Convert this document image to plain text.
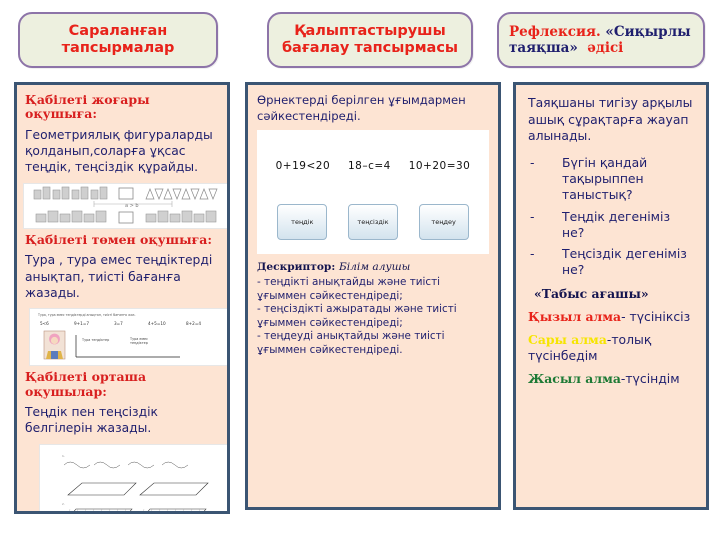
Сараланған тапсырмалар
Қалыптастырушы бағалау тапсырмасы
Рефлексия. «Сиқырлы
таяқша» әдісі
Қабілеті жоғары оқушыға:
Геометриялық фигураларды қолданып,соларға ұқсас теңдік, теңсіздік құрайды.
a > b
Қабілеті төмен оқушыға:
Тура , тура емес теңдіктерді анықтап, тиісті бағанға жазады.
Тура, тура емес теңдіктерді анықтап, тиісті бағанға жаз.
5<6	9+1=7	3=7	4+5=10	8+2=4
Тура теңдіктер	Тура емес
теңдіктер
Қабілеті орташа оқушылар:
Теңдік пен теңсіздік белгілерін жазады.
1.
2.
Өрнектерді берілген ұғымдармен сәйкестендіреді.
0+19<20 18–c=4 10+20=30
теңдік	теңсіздік	теңдеу
Дескриптор: Білім алушы
- теңдікті анықтайды және тиісті
ұғыммен сәйкестендіреді;
- теңсіздікті ажыратады және тиісті
ұғыммен сәйкестендіреді;
- теңдеуді анықтайды және тиісті
ұғыммен сәйкестендіреді.
Таяқшаны тигізу арқылы ашық сұрақтарға жауап алынады.
- Бүгін қандай тақырыппен таныстық?
- Теңдік дегеніміз не?
- Теңсіздік дегеніміз не?
«Табыс ағашы»
Қызыл алма- түсініксіз
Сары алма-толық түсінбедім
Жасыл алма-түсіндім
